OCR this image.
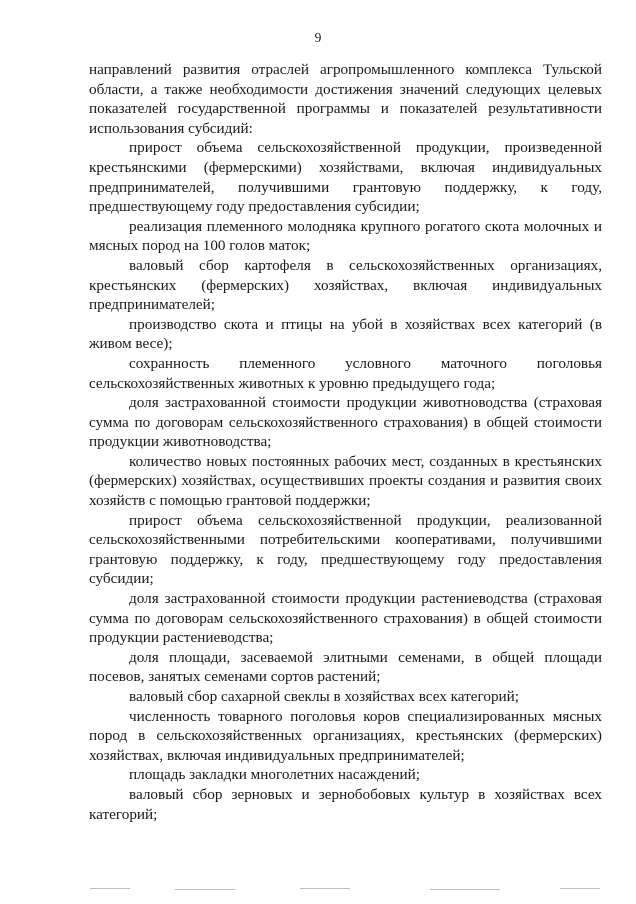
9

направлений развития отраслей агропромышленного комплекса Тульской области, а также необходимости достижения значений следующих целевых показателей государственной программы и показателей результативности использования субсидий:

прирост объема сельскохозяйственной продукции, произведенной крестьянскими (фермерскими) хозяйствами, включая индивидуальных предпринимателей, получившими грантовую поддержку, к году, предшествующему году предоставления субсидии;

реализация племенного молодняка крупного рогатого скота молочных и мясных пород на 100 голов маток;

валовый сбор картофеля в сельскохозяйственных организациях, крестьянских (фермерских) хозяйствах, включая индивидуальных предпринимателей;

производство скота и птицы на убой в хозяйствах всех категорий (в живом весе);

сохранность племенного условного маточного поголовья сельскохозяйственных животных к уровню предыдущего года;

доля застрахованной стоимости продукции животноводства (страховая сумма по договорам сельскохозяйственного страхования) в общей стоимости продукции животноводства;

количество новых постоянных рабочих мест, созданных в крестьянских (фермерских) хозяйствах, осуществивших проекты создания и развития своих хозяйств с помощью грантовой поддержки;

прирост объема сельскохозяйственной продукции, реализованной сельскохозяйственными потребительскими кооперативами, получившими грантовую поддержку, к году, предшествующему году предоставления субсидии;

доля застрахованной стоимости продукции растениеводства (страховая сумма по договорам сельскохозяйственного страхования) в общей стоимости продукции растениеводства;

доля площади, засеваемой элитными семенами, в общей площади посевов, занятых семенами сортов растений;

валовый сбор сахарной свеклы в хозяйствах всех категорий;

численность товарного поголовья коров специализированных мясных пород в сельскохозяйственных организациях, крестьянских (фермерских) хозяйствах, включая индивидуальных предпринимателей;

площадь закладки многолетних насаждений;

валовый сбор зерновых и зернобобовых культур в хозяйствах всех категорий;
